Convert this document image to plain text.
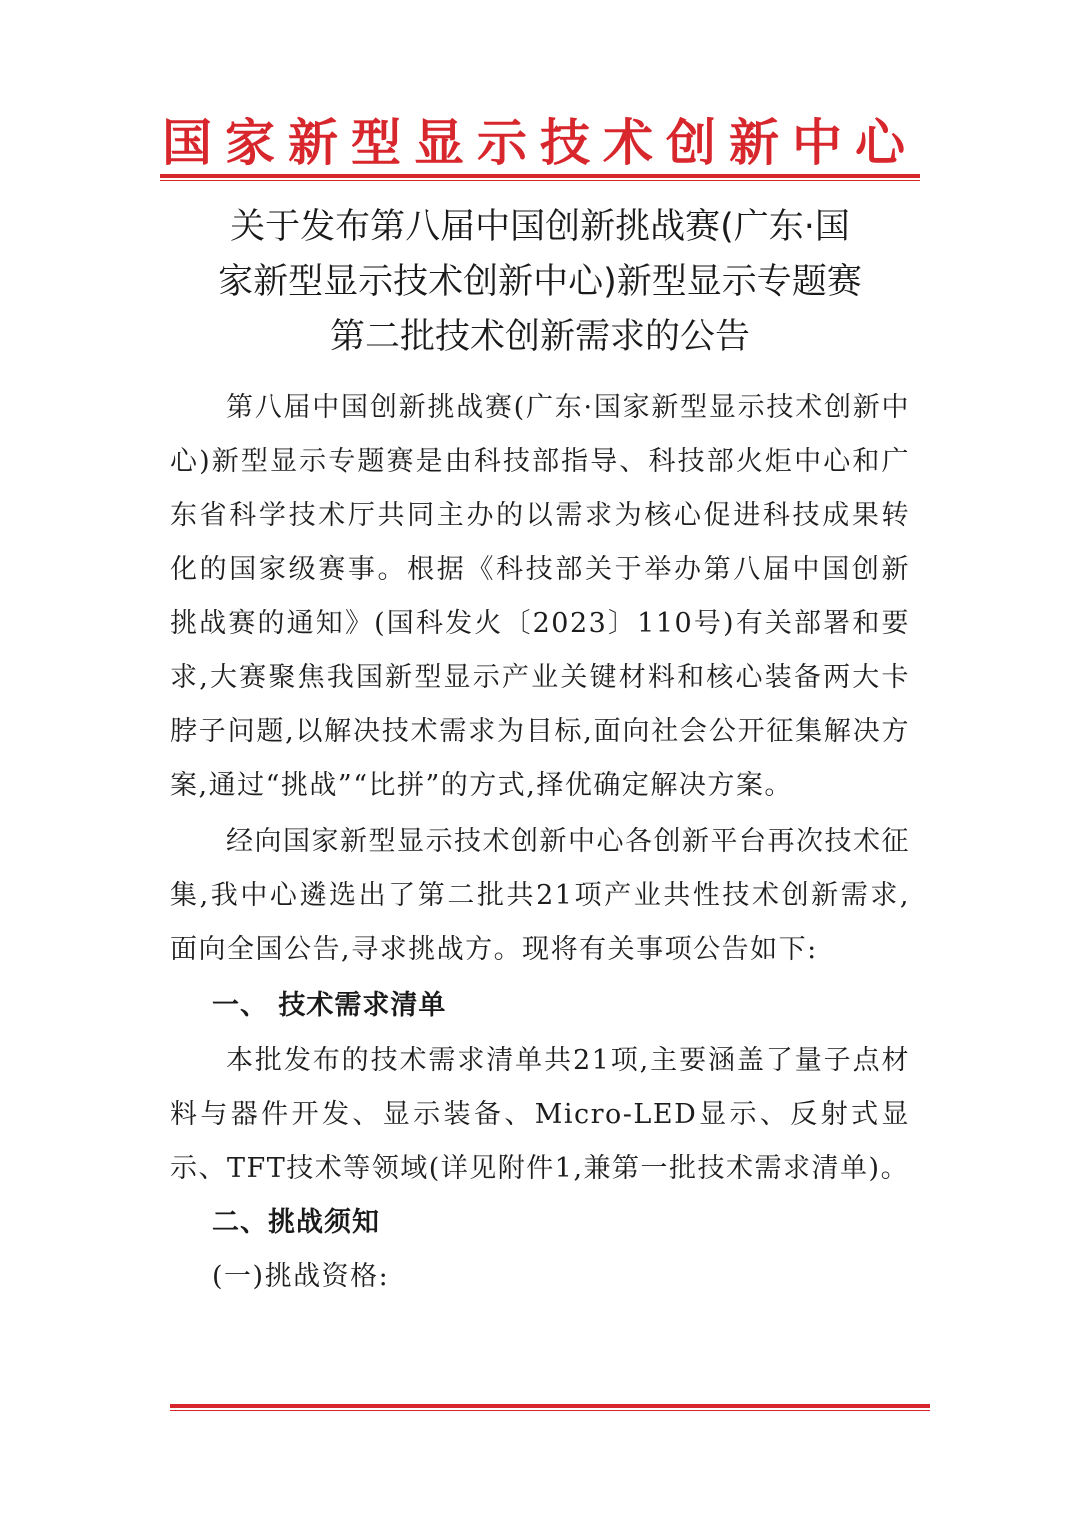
国家新型显示技术创新中心
关于发布第八届中国创新挑战赛(广东·国
家新型显示技术创新中心)新型显示专题赛
第二批技术创新需求的公告
第八届中国创新挑战赛(广东·国家新型显示技术创新中心)新型显示专题赛是由科技部指导、科技部火炬中心和广东省科学技术厅共同主办的以需求为核心促进科技成果转化的国家级赛事。根据《科技部关于举办第八届中国创新挑战赛的通知》(国科发火〔2023〕110号)有关部署和要求,大赛聚焦我国新型显示产业关键材料和核心装备两大卡脖子问题,以解决技术需求为目标,面向社会公开征集解决方案,通过“挑战”“比拼”的方式,择优确定解决方案。
经向国家新型显示技术创新中心各创新平台再次技术征集,我中心遴选出了第二批共21项产业共性技术创新需求,面向全国公告,寻求挑战方。现将有关事项公告如下:
一、 技术需求清单
本批发布的技术需求清单共21项,主要涵盖了量子点材料与器件开发、显示装备、Micro-LED显示、反射式显示、TFT技术等领域(详见附件1,兼第一批技术需求清单)。
二、挑战须知
(一)挑战资格:
